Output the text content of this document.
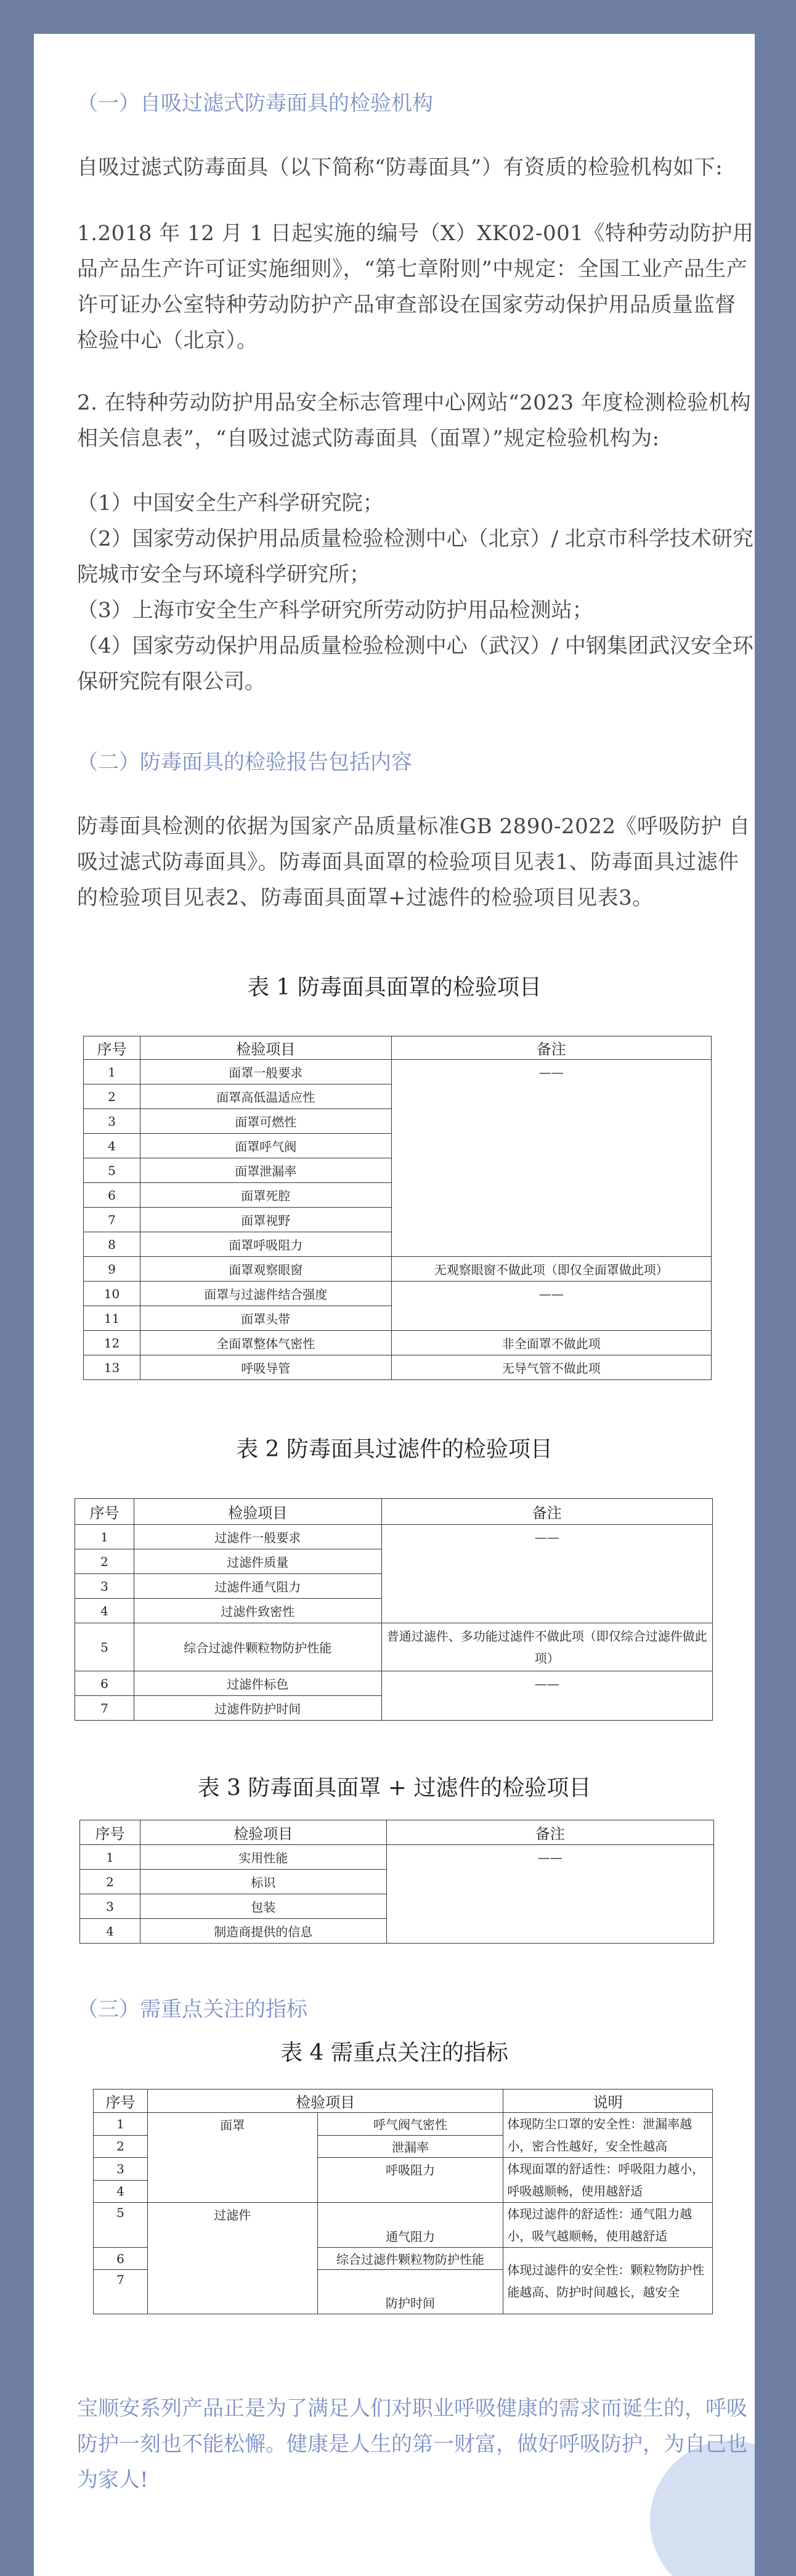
（一）自吸过滤式防毒面具的检验机构

自吸过滤式防毒面具（以下简称“防毒面具”）有资质的检验机构如下:

1.2018 年 12 月 1 日起实施的编号（X）XK02-001《特种劳动防护用品产品生产许可证实施细则》，“第七章附则”中规定：全国工业产品生产许可证办公室特种劳动防护产品审查部设在国家劳动保护用品质量监督检验中心（北京）。

2. 在特种劳动防护用品安全标志管理中心网站“2023 年度检测检验机构相关信息表”，“自吸过滤式防毒面具（面罩）”规定检验机构为:

（1）中国安全生产科学研究院；

（2）国家劳动保护用品质量检验检测中心（北京）/ 北京市科学技术研究院城市安全与环境科学研究所；

（3）上海市安全生产科学研究所劳动防护用品检测站；

（4）国家劳动保护用品质量检验检测中心（武汉）/ 中钢集团武汉安全环保研究院有限公司。

（二）防毒面具的检验报告包括内容

防毒面具检测的依据为国家产品质量标准GB 2890-2022《呼吸防护 自吸过滤式防毒面具》。防毒面具面罩的检验项目见表1、防毒面具过滤件的检验项目见表2、防毒面具面罩+过滤件的检验项目见表3。

表 1 防毒面具面罩的检验项目

序号	检验项目	备注
1	面罩一般要求	——
2	面罩高低温适应性	
3	面罩可燃性	
4	面罩呼气阀	
5	面罩泄漏率	
6	面罩死腔	
7	面罩视野	
8	面罩呼吸阻力	
9	面罩观察眼窗	无观察眼窗不做此项（即仅全面罩做此项）
10	面罩与过滤件结合强度	——
11	面罩头带	
12	全面罩整体气密性	非全面罩不做此项
13	呼吸导管	无导气管不做此项

表 2 防毒面具过滤件的检验项目

序号	检验项目	备注
1	过滤件一般要求	——
2	过滤件质量	
3	过滤件通气阻力	
4	过滤件致密性	
5	综合过滤件颗粒物防护性能	普通过滤件、多功能过滤件不做此项（即仅综合过滤件做此项）
6	过滤件标色	——
7	过滤件防护时间	

表 3 防毒面具面罩 + 过滤件的检验项目

序号	检验项目	备注
1	实用性能	——
2	标识	
3	包装	
4	制造商提供的信息	
（三）需重点关注的指标

表 4 需重点关注的指标

序号	检验项目		说明
1	面罩	呼气阀气密性	体现防尘口罩的安全性：泄漏率越小，密合性越好，安全性越高
2		泄漏率	
3		呼吸阻力	体现面罩的舒适性：呼吸阻力越小，呼吸越顺畅，使用越舒适
4			
5	过滤件	通气阻力	体现过滤件的舒适性：通气阻力越小，吸气越顺畅，使用越舒适
6		综合过滤件颗粒物防护性能	体现过滤件的安全性：颗粒物防护性能越高、防护时间越长，越安全
7		防护时间	

宝顺安系列产品正是为了满足人们对职业呼吸健康的需求而诞生的，呼吸防护一刻也不能松懈。健康是人生的第一财富，做好呼吸防护，为自己也为家人!
